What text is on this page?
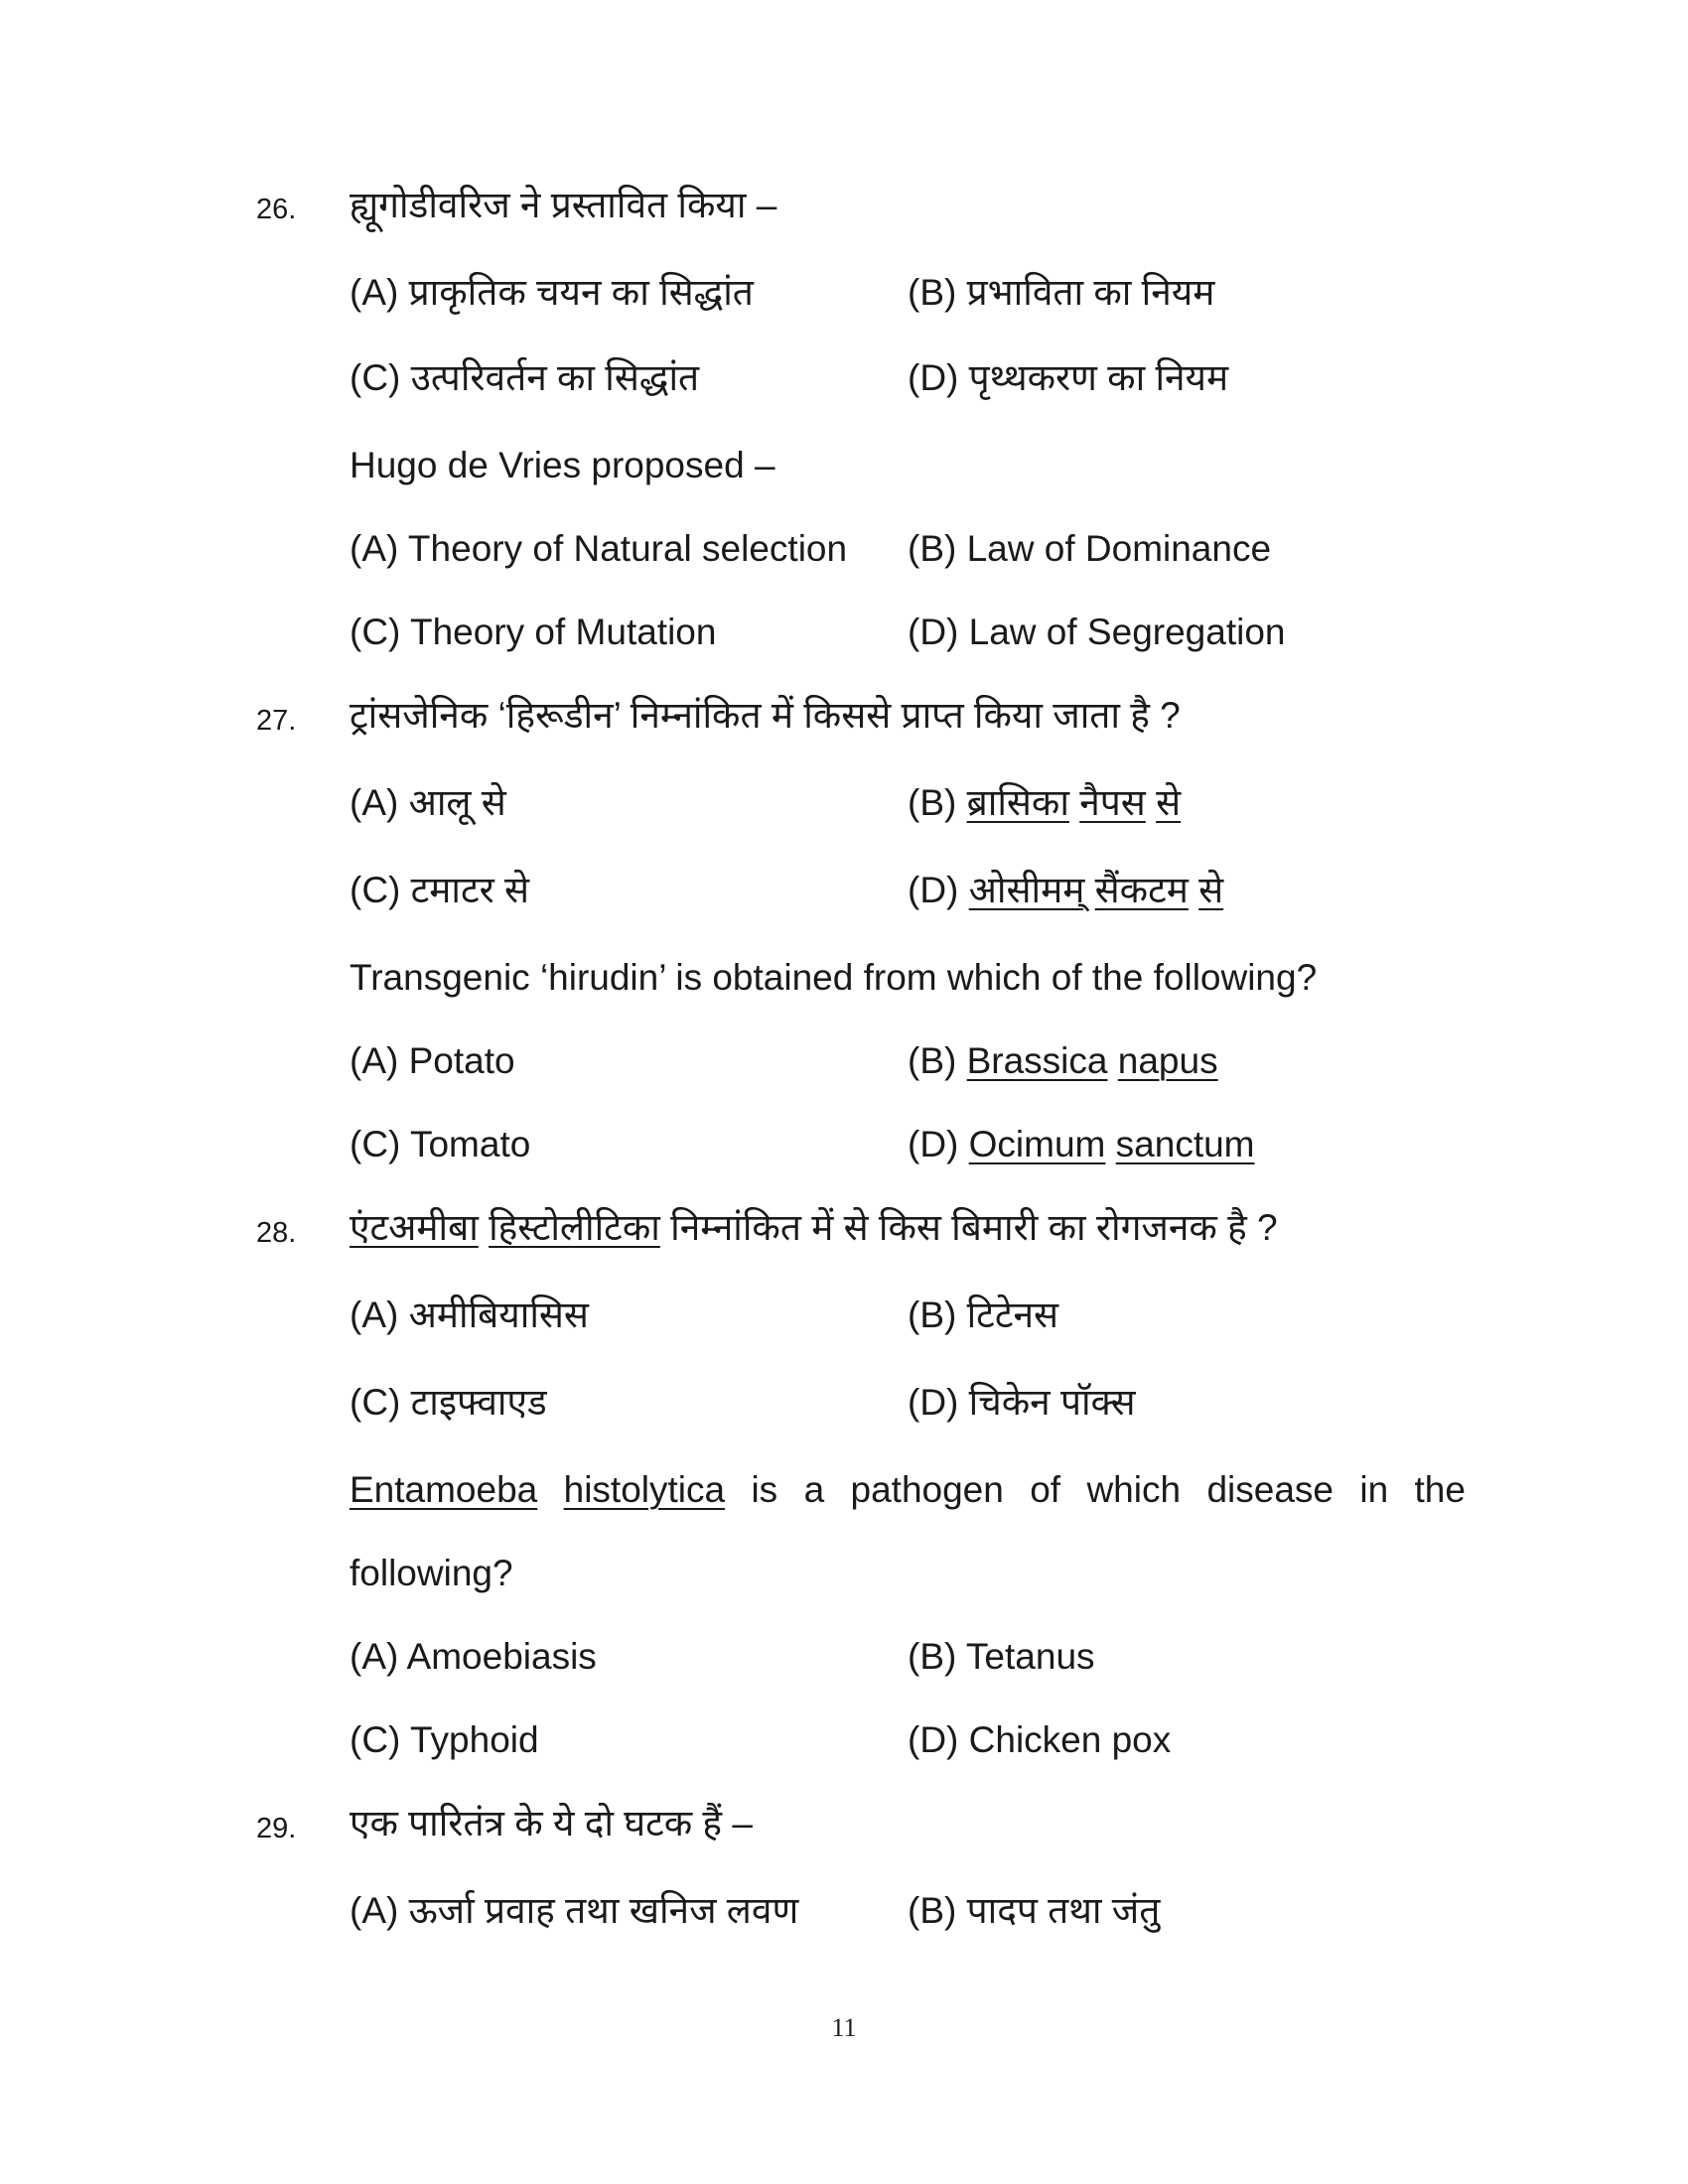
26. ह्यूगोडीवरिज ने प्रस्तावित किया –
(A) प्राकृतिक चयन का सिद्धांत	(B) प्रभाविता का नियम
(C) उत्परिवर्तन का सिद्धांत	(D) पृथ्थकरण का नियम
Hugo de Vries proposed –
(A) Theory of Natural selection (B) Law of Dominance
(C) Theory of Mutation	(D) Law of Segregation
27. ट्रांसजेनिक ‘हिरूडीन’ निम्नांकित में किससे प्राप्त किया जाता है ?
(A) आलू से	(B) ब्रासिका नैपस से
(C) टमाटर से	(D) ओसीमम् सैंकटम से
Transgenic ‘hirudin’ is obtained from which of the following?
(A) Potato	(B) Brassica napus
(C) Tomato	(D) Ocimum sanctum
28. एंटअमीबा हिस्टोलीटिका निम्नांकित में से किस बिमारी का रोगजनक है ?
(A) अमीबियासिस	(B) टिटेनस
(C) टाइफ्वाएड	(D) चिकेन पॉक्स
Entamoeba histolytica is a pathogen of which disease in the
following?
(A) Amoebiasis	(B) Tetanus
(C) Typhoid	(D) Chicken pox
29. एक पारितंत्र के ये दो घटक हैं –
(A) ऊर्जा प्रवाह तथा खनिज लवण	(B) पादप तथा जंतु
11
